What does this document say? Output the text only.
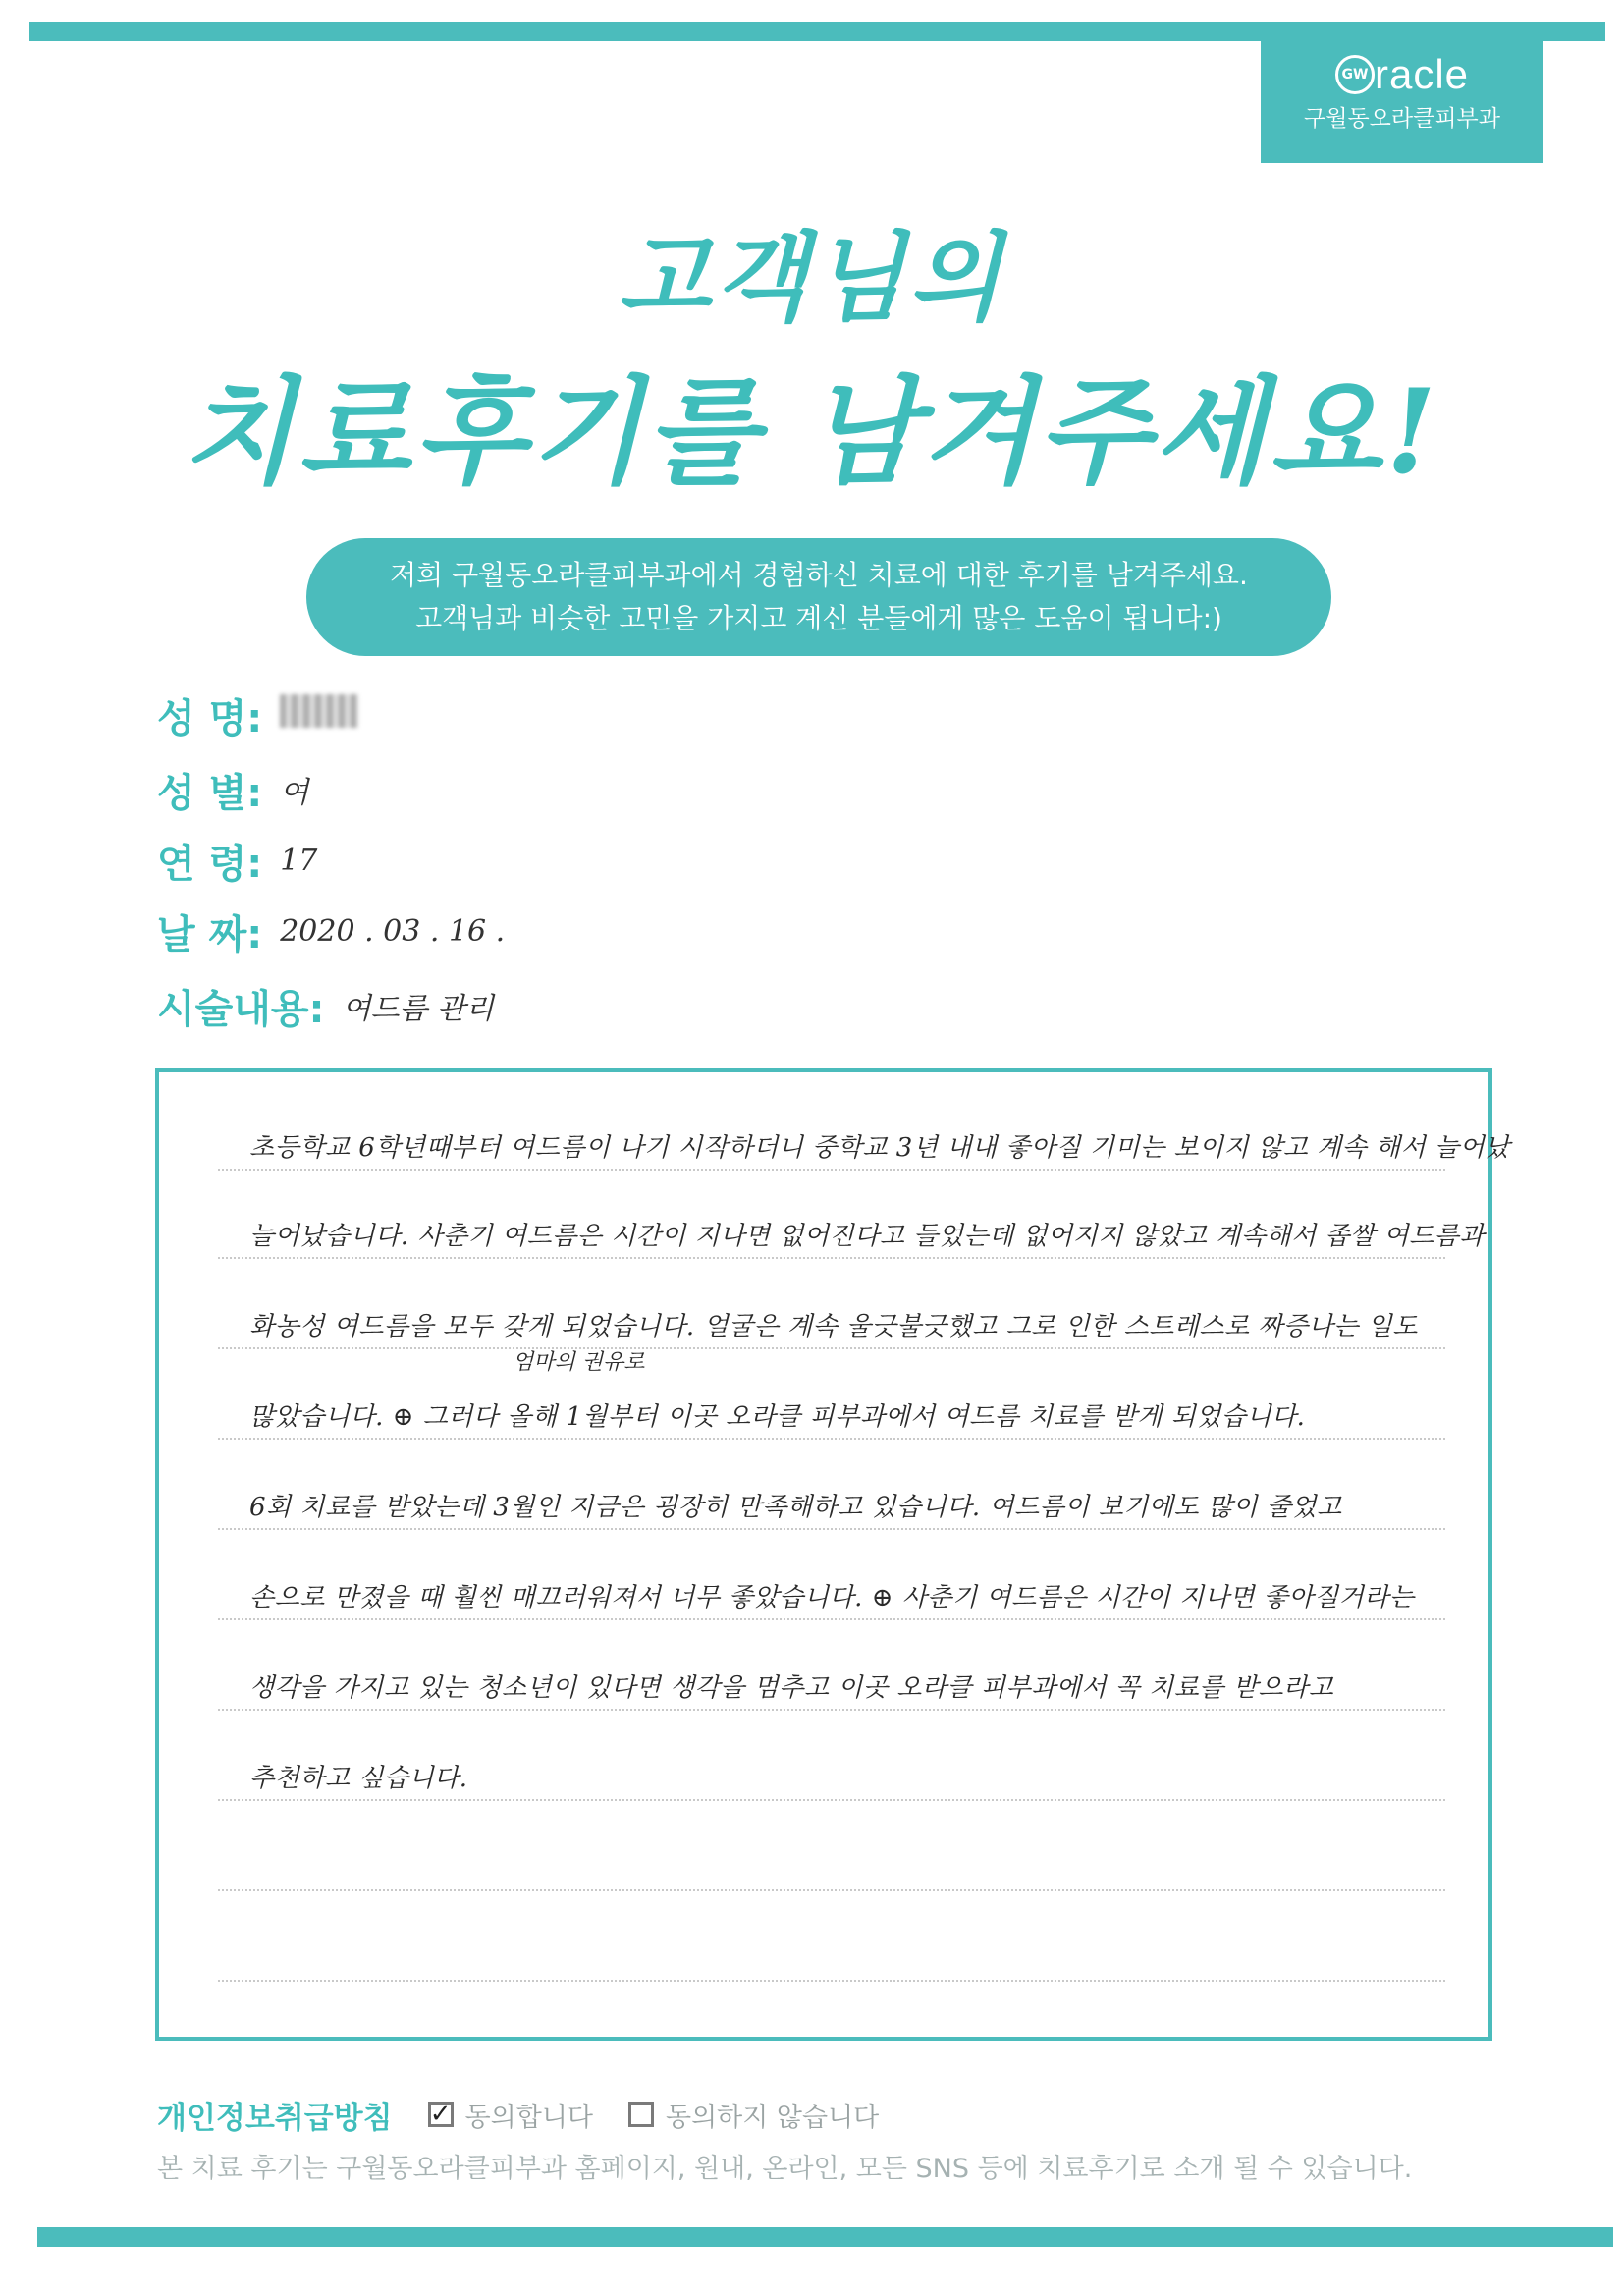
GW racle
구월동오라클피부과
고객님의
치료후기를 남겨주세요!
저희 구월동오라클피부과에서 경험하신 치료에 대한 후기를 남겨주세요.
고객님과 비슷한 고민을 가지고 계신 분들에게 많은 도움이 됩니다:)
성 명:
성 별: 여
연 령: 17
날 짜: 2020 . 03 . 16 .
시술내용: 여드름 관리
엄마의 권유로
초등학교 6학년때부터 여드름이 나기 시작하더니 중학교 3년 내내 좋아질 기미는 보이지 않고 계속 해서 늘어났
늘어났습니다. 사춘기 여드름은 시간이 지나면 없어진다고 들었는데 없어지지 않았고 계속해서 좁쌀 여드름과
화농성 여드름을 모두 갖게 되었습니다. 얼굴은 계속 울긋불긋했고 그로 인한 스트레스로 짜증나는 일도
많았습니다. ⊕ 그러다 올해 1월부터 이곳 오라클 피부과에서 여드름 치료를 받게 되었습니다.
6회 치료를 받았는데 3월인 지금은 굉장히 만족해하고 있습니다. 여드름이 보기에도 많이 줄었고
손으로 만졌을 때 훨씬 매끄러워져서 너무 좋았습니다. ⊕ 사춘기 여드름은 시간이 지나면 좋아질거라는
생각을 가지고 있는 청소년이 있다면 생각을 멈추고 이곳 오라클 피부과에서 꼭 치료를 받으라고
추천하고 싶습니다.
개인정보취급방침 ✓ 동의합니다	동의하지 않습니다
본 치료 후기는 구월동오라클피부과 홈페이지, 원내, 온라인, 모든 SNS 등에 치료후기로 소개 될 수 있습니다.
